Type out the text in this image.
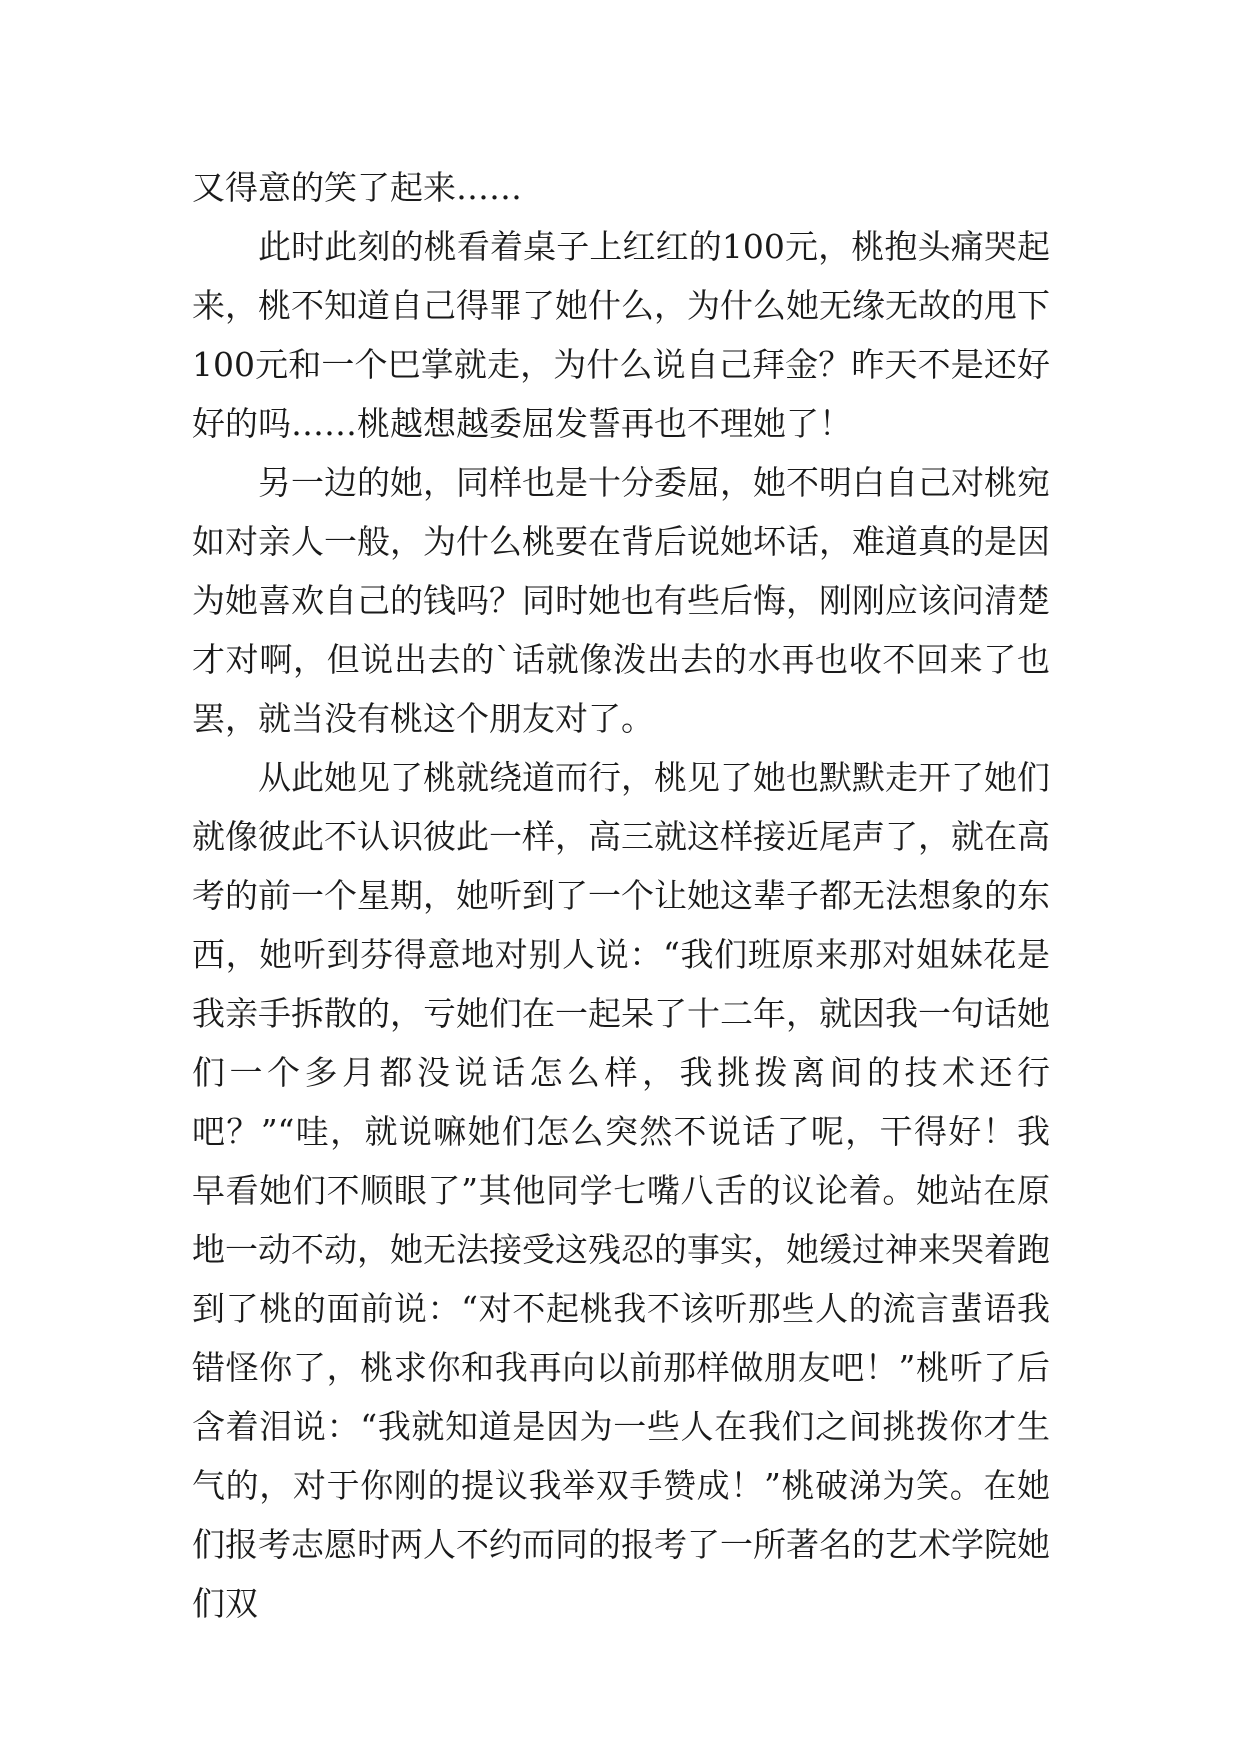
又得意的笑了起来……

此时此刻的桃看着桌子上红红的100元，桃抱头痛哭起来，桃不知道自己得罪了她什么，为什么她无缘无故的甩下100元和一个巴掌就走，为什么说自己拜金？昨天不是还好好的吗……桃越想越委屈发誓再也不理她了！

另一边的她，同样也是十分委屈，她不明白自己对桃宛如对亲人一般，为什么桃要在背后说她坏话，难道真的是因为她喜欢自己的钱吗？同时她也有些后悔，刚刚应该问清楚才对啊，但说出去的`话就像泼出去的水再也收不回来了也罢，就当没有桃这个朋友对了。

从此她见了桃就绕道而行，桃见了她也默默走开了她们就像彼此不认识彼此一样，高三就这样接近尾声了，就在高考的前一个星期，她听到了一个让她这辈子都无法想象的东西，她听到芬得意地对别人说：“我们班原来那对姐妹花是我亲手拆散的，亏她们在一起呆了十二年，就因我一句话她们一个多月都没说话怎么样，我挑拨离间的技术还行吧？”“哇，就说嘛她们怎么突然不说话了呢，干得好！我早看她们不顺眼了”其他同学七嘴八舌的议论着。她站在原地一动不动，她无法接受这残忍的事实，她缓过神来哭着跑到了桃的面前说：“对不起桃我不该听那些人的流言蜚语我错怪你了，桃求你和我再向以前那样做朋友吧！”桃听了后含着泪说：“我就知道是因为一些人在我们之间挑拨你才生气的，对于你刚的提议我举双手赞成！”桃破涕为笑。在她们报考志愿时两人不约而同的报考了一所著名的艺术学院她们双
